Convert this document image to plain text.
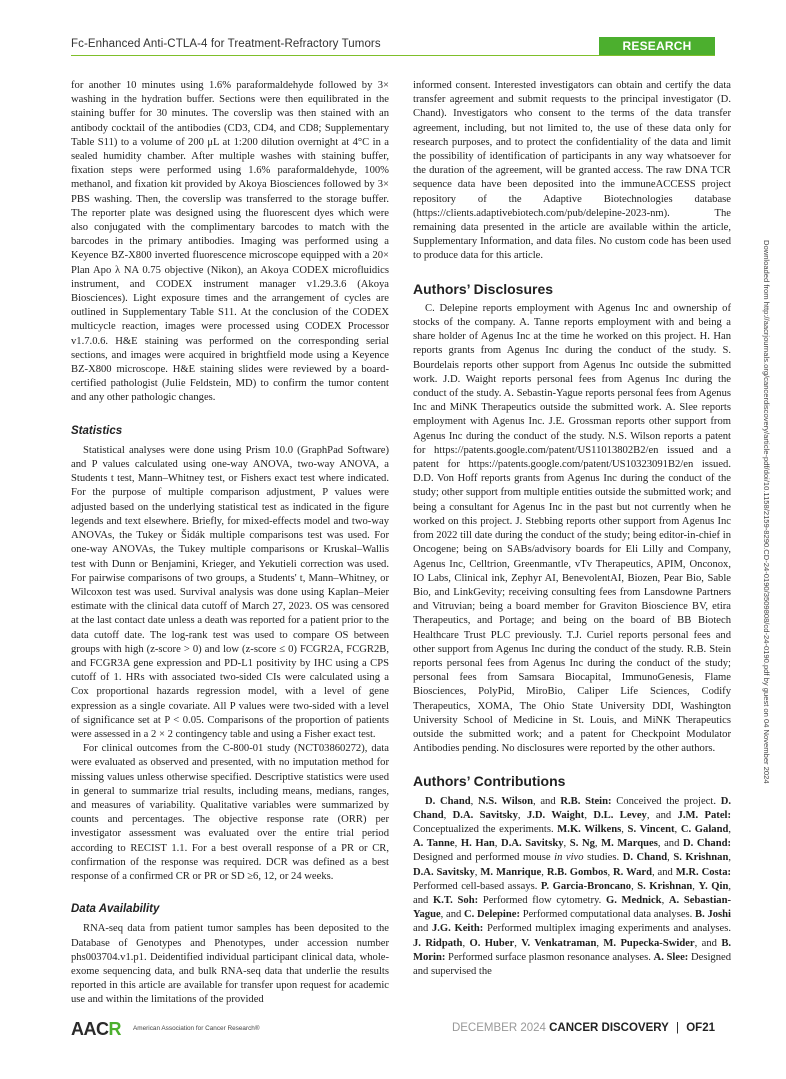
Fc-Enhanced Anti-CTLA-4 for Treatment-Refractory Tumors	RESEARCH ARTICLE

for another 10 minutes using 1.6% paraformaldehyde followed by 3× washing in the hydration buffer. Sections were then equilibrated in the staining buffer for 30 minutes. The coverslip was then stained with an antibody cocktail of the antibodies (CD3, CD4, and CD8; Supplementary Table S11) to a volume of 200 μL at 1:200 dilution overnight at 4°C in a sealed humidity chamber. After multiple washes with staining buffer, fixation steps were performed using 1.6% paraformaldehyde, 100% methanol, and fixation kit provided by Akoya Biosciences followed by 3× PBS washing. Then, the coverslip was transferred to the storage buffer. The reporter plate was designed using the fluorescent dyes which were also conjugated with the complimentary barcodes to match with the barcodes in the primary antibodies. Imaging was performed using a Keyence BZ-X800 inverted fluorescence microscope equipped with a 20× Plan Apo λ NA 0.75 objective (Nikon), an Akoya CODEX microfluidics instrument, and CODEX instrument manager v1.29.3.6 (Akoya Biosciences). Light exposure times and the arrangement of cycles are outlined in Supplementary Table S11. At the conclusion of the CODEX multicycle reaction, images were processed using CODEX Processor v1.7.0.6. H&E staining was performed on the corresponding serial sections, and images were acquired in brightfield mode using a Keyence BZ-X800 microscope. H&E staining slides were reviewed by a board-certified pathologist (Julie Feldstein, MD) to confirm the tumor content and any other pathologic changes.

Statistics

Statistical analyses were done using Prism 10.0 (GraphPad Software) and P values calculated using one-way ANOVA, two-way ANOVA, a Students t test, Mann–Whitney test, or Fishers exact test where indicated. For the purpose of multiple comparison adjustment, P values were adjusted based on the underlying statistical test as indicated in the figure legends and text elsewhere. Briefly, for mixed-effects model and two-way ANOVAs, the Tukey or Šidák multiple comparisons test was used. For one-way ANOVAs, the Tukey multiple comparisons or Kruskal–Wallis test with Dunn or Benjamini, Krieger, and Yekutieli correction was used. For pairwise comparisons of two groups, a Students' t, Mann–Whitney, or Wilcoxon test was used. Survival analysis was done using Kaplan–Meier estimate with the clinical data cutoff of March 27, 2023. OS was censored at the last contact date unless a death was reported for a patient prior to the data cutoff date. The log-rank test was used to compare OS between groups with high (z-score > 0) and low (z-score ≤ 0) FCGR2A, FCGR2B, and FCGR3A gene expression and PD-L1 positivity by IHC using a CPS cutoff of 1. HRs with associated two-sided CIs were calculated using a Cox proportional hazards regression model, with a level of gene expression as a single covariate. All P values were two-sided with a level of significance set at P < 0.05. Comparisons of the proportion of patients were assessed in a 2 × 2 contingency table and using a Fisher exact test.

For clinical outcomes from the C-800-01 study (NCT03860272), data were evaluated as observed and presented, with no imputation method for missing values unless otherwise specified. Descriptive statistics were used in general to summarize trial results, including means, medians, ranges, and measures of variability. Qualitative variables were summarized by counts and percentages. The objective response rate (ORR) per investigator assessment was evaluated over the entire trial period according to RECIST 1.1. For a best overall response of a PR or CR, confirmation of the response was required. DCR was defined as a best response of a confirmed CR or PR or SD ≥6, 12, or 24 weeks.

Data Availability

RNA-seq data from patient tumor samples has been deposited to the Database of Genotypes and Phenotypes, under accession number phs003704.v1.p1. Deidentified individual participant clinical data, whole-exome sequencing data, and bulk RNA-seq data that underlie the results reported in this article are available for transfer upon request for academic use and within the limitations of the provided

informed consent. Interested investigators can obtain and certify the data transfer agreement and submit requests to the principal investigator (D. Chand). Investigators who consent to the terms of the data transfer agreement, including, but not limited to, the use of these data only for research purposes, and to protect the confidentiality of the data and limit the possibility of identification of participants in any way whatsoever for the duration of the agreement, will be granted access. The raw DNA TCR sequence data have been deposited into the immuneACCESS project repository of the Adaptive Biotechnologies database (https://clients.adaptivebiotech.com/pub/delepine-2023-nm). The remaining data presented in the article are available within the article, Supplementary Information, and data files. No custom code has been used to produce data for this article.

Authors’ Disclosures

C. Delepine reports employment with Agenus Inc and ownership of stocks of the company. A. Tanne reports employment with and being a share holder of Agenus Inc at the time he worked on this project. H. Han reports grants from Agenus Inc during the conduct of the study. S. Bourdelais reports other support from Agenus Inc outside the submitted work. J.D. Waight reports personal fees from Agenus Inc during the conduct of the study. A. Sebastin-Yague reports personal fees from Agenus Inc and MiNK Therapeutics outside the submitted work. A. Slee reports employment with Agenus Inc. J.E. Grossman reports other support from Agenus Inc during the conduct of the study. N.S. Wilson reports a patent for https://patents.google.com/patent/US11013802B2/en issued and a patent for https://patents.google.com/patent/US10323091B2/en issued. D.D. Von Hoff reports grants from Agenus Inc during the conduct of the study; other support from multiple entities outside the submitted work; and being a consultant for Agenus Inc in the past but not currently when he worked on this project. J. Stebbing reports other support from Agenus Inc from 2022 till date during the conduct of the study; being editor-in-chief in Oncogene; being on SABs/advisory boards for Eli Lilly and Company, Agenus Inc, Celltrion, Greenmantle, vTv Therapeutics, APIM, Onconox, IO Labs, Clinical ink, Zephyr AI, BenevolentAI, Biozen, Pear Bio, Sable Bio, and LinkGevity; receiving consulting fees from Lansdowne Partners and Vitruvian; being a board member for Graviton Bioscience BV, etira Therapeutics, and Portage; and being on the board of BB Biotech Healthcare Trust PLC previously. T.J. Curiel reports personal fees and other support from Agenus Inc during the conduct of the study. R.B. Stein reports personal fees from Agenus Inc during the conduct of the study; personal fees from Samsara Biocapital, ImmunoGenesis, Flame Biosciences, PolyPid, MiroBio, Caliper Life Sciences, Codify Therapeutics, XOMA, The Ohio State University DDI, Washington University School of Medicine in St. Louis, and MiNK Therapeutics outside the submitted work; and a patent for Checkpoint Modulator Antibodies pending. No disclosures were reported by the other authors.

Authors’ Contributions

D. Chand, N.S. Wilson, and R.B. Stein: Conceived the project. D. Chand, D.A. Savitsky, J.D. Waight, D.L. Levey, and J.M. Patel: Conceptualized the experiments. M.K. Wilkens, S. Vincent, C. Galand, A. Tanne, H. Han, D.A. Savitsky, S. Ng, M. Marques, and D. Chand: Designed and performed mouse in vivo studies. D. Chand, S. Krishnan, D.A. Savitsky, M. Manrique, R.B. Gombos, R. Ward, and M.R. Costa: Performed cell-based assays. P. Garcia-Broncano, S. Krishnan, Y. Qin, and K.T. Soh: Performed flow cytometry. G. Mednick, A. Sebastian-Yague, and C. Delepine: Performed computational data analyses. B. Joshi and J.G. Keith: Performed multiplex imaging experiments and analyses. J. Ridpath, O. Huber, V. Venkatraman, M. Pupecka-Swider, and B. Morin: Performed surface plasmon resonance analyses. A. Slee: Designed and supervised the

Downloaded from http://aacrjournals.org/cancerdiscovery/article-pdf/doi/10.1158/2159-8290.CD-24-0190/3509808/cd-24-0190.pdf by guest on 04 November 2024
AACR American Association for Cancer Research®	DECEMBER 2024 CANCER DISCOVERY | OF21
